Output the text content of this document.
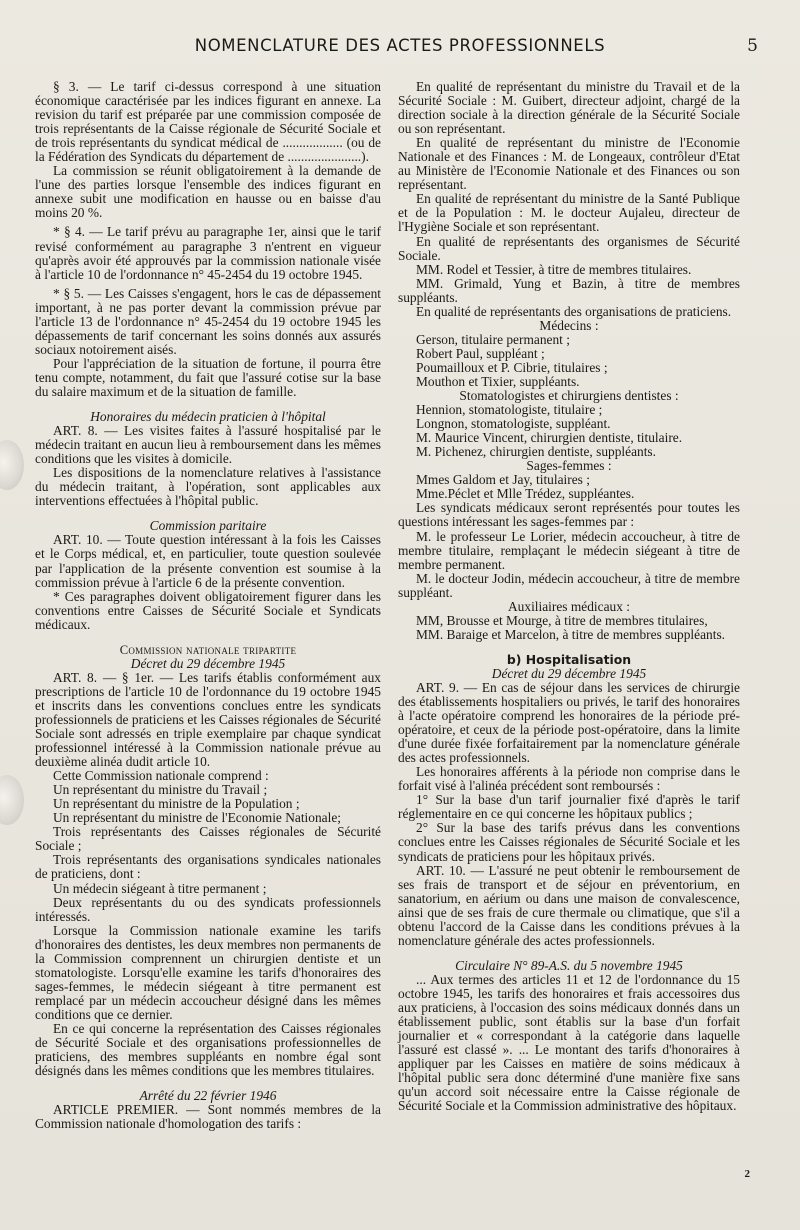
NOMENCLATURE DES ACTES PROFESSIONNELS	5

§ 3. — Le tarif ci-dessus correspond à une situation économique caractérisée par les indices figurant en annexe. La revision du tarif est préparée par une commission composée de trois représentants de la Caisse régionale de Sécurité Sociale et de trois représentants du syndicat médical de .................. (ou de la Fédération des Syndicats du département de ......................).

La commission se réunit obligatoirement à la demande de l'une des parties lorsque l'ensemble des indices figurant en annexe subit une modification en hausse ou en baisse d'au moins 20 %.

* § 4. — Le tarif prévu au paragraphe 1er, ainsi que le tarif revisé conformément au paragraphe 3 n'entrent en vigueur qu'après avoir été approuvés par la commission nationale visée à l'article 10 de l'ordonnance n° 45-2454 du 19 octobre 1945.

* § 5. — Les Caisses s'engagent, hors le cas de dépassement important, à ne pas porter devant la commission prévue par l'article 13 de l'ordonnance n° 45-2454 du 19 octobre 1945 les dépassements de tarif concernant les soins donnés aux assurés sociaux notoirement aisés.

Pour l'appréciation de la situation de fortune, il pourra être tenu compte, notamment, du fait que l'assuré cotise sur la base du salaire maximum et de la situation de famille.

Honoraires du médecin praticien à l'hôpital

ART. 8. — Les visites faites à l'assuré hospitalisé par le médecin traitant en aucun lieu à remboursement dans les mêmes conditions que les visites à domicile.

Les dispositions de la nomenclature relatives à l'assistance du médecin traitant, à l'opération, sont applicables aux interventions effectuées à l'hôpital public.

Commission paritaire

ART. 10. — Toute question intéressant à la fois les Caisses et le Corps médical, et, en particulier, toute question soulevée par l'application de la présente convention est soumise à la commission prévue à l'article 6 de la présente convention.

* Ces paragraphes doivent obligatoirement figurer dans les conventions entre Caisses de Sécurité Sociale et Syndicats médicaux.

Commission nationale tripartite

Décret du 29 décembre 1945

ART. 8. — § 1er. — Les tarifs établis conformément aux prescriptions de l'article 10 de l'ordonnance du 19 octobre 1945 et inscrits dans les conventions conclues entre les syndicats professionnels de praticiens et les Caisses régionales de Sécurité Sociale sont adressés en triple exemplaire par chaque syndicat professionnel intéressé à la Commission nationale prévue au deuxième alinéa dudit article 10.

Cette Commission nationale comprend :

Un représentant du ministre du Travail ;

Un représentant du ministre de la Population ;

Un représentant du ministre de l'Economie Nationale;

Trois représentants des Caisses régionales de Sécurité Sociale ;

Trois représentants des organisations syndicales nationales de praticiens, dont :

Un médecin siégeant à titre permanent ;

Deux représentants du ou des syndicats professionnels intéressés.

Lorsque la Commission nationale examine les tarifs d'honoraires des dentistes, les deux membres non permanents de la Commission comprennent un chirurgien dentiste et un stomatologiste. Lorsqu'elle examine les tarifs d'honoraires des sages-femmes, le médecin siégeant à titre permanent est remplacé par un médecin accoucheur désigné dans les mêmes conditions que ce dernier.

En ce qui concerne la représentation des Caisses régionales de Sécurité Sociale et des organisations professionnelles de praticiens, des membres suppléants en nombre égal sont désignés dans les mêmes conditions que les membres titulaires.

Arrêté du 22 février 1946

ARTICLE PREMIER. — Sont nommés membres de la Commission nationale d'homologation des tarifs :

En qualité de représentant du ministre du Travail et de la Sécurité Sociale : M. Guibert, directeur adjoint, chargé de la direction sociale à la direction générale de la Sécurité Sociale ou son représentant.

En qualité de représentant du ministre de l'Economie Nationale et des Finances : M. de Longeaux, contrôleur d'Etat au Ministère de l'Economie Nationale et des Finances ou son représentant.

En qualité de représentant du ministre de la Santé Publique et de la Population : M. le docteur Aujaleu, directeur de l'Hygiène Sociale et son représentant.

En qualité de représentants des organismes de Sécurité Sociale.

MM. Rodel et Tessier, à titre de membres titulaires.

MM. Grimald, Yung et Bazin, à titre de membres suppléants.

En qualité de représentants des organisations de praticiens.

Médecins :

Gerson, titulaire permanent ;

Robert Paul, suppléant ;

Poumailloux et P. Cibrie, titulaires ;

Mouthon et Tixier, suppléants.

Stomatologistes et chirurgiens dentistes :

Hennion, stomatologiste, titulaire ;

Longnon, stomatologiste, suppléant.

M. Maurice Vincent, chirurgien dentiste, titulaire.

M. Pichenez, chirurgien dentiste, suppléants.

Sages-femmes :

Mmes Galdom et Jay, titulaires ;

Mme.Péclet et Mlle Trédez, suppléantes.

Les syndicats médicaux seront représentés pour toutes les questions intéressant les sages-femmes par :

M. le professeur Le Lorier, médecin accoucheur, à titre de membre titulaire, remplaçant le médecin siégeant à titre de membre permanent.

M. le docteur Jodin, médecin accoucheur, à titre de membre suppléant.

Auxiliaires médicaux :

MM, Brousse et Mourge, à titre de membres titulaires,

MM. Baraige et Marcelon, à titre de membres suppléants.

b) Hospitalisation

Décret du 29 décembre 1945

ART. 9. — En cas de séjour dans les services de chirurgie des établissements hospitaliers ou privés, le tarif des honoraires à l'acte opératoire comprend les honoraires de la période pré-opératoire, et ceux de la période post-opératoire, dans la limite d'une durée fixée forfaitairement par la nomenclature générale des actes professionnels.

Les honoraires afférents à la période non comprise dans le forfait visé à l'alinéa précédent sont remboursés :

1° Sur la base d'un tarif journalier fixé d'après le tarif réglementaire en ce qui concerne les hôpitaux publics ;

2° Sur la base des tarifs prévus dans les conventions conclues entre les Caisses régionales de Sécurité Sociale et les syndicats de praticiens pour les hôpitaux privés.

ART. 10. — L'assuré ne peut obtenir le remboursement de ses frais de transport et de séjour en préventorium, en sanatorium, en aérium ou dans une maison de convalescence, ainsi que de ses frais de cure thermale ou climatique, que s'il a obtenu l'accord de la Caisse dans les conditions prévues à la nomenclature générale des actes professionnels.

Circulaire N° 89-A.S. du 5 novembre 1945

... Aux termes des articles 11 et 12 de l'ordonnance du 15 octobre 1945, les tarifs des honoraires et frais accessoires dus aux praticiens, à l'occasion des soins médicaux donnés dans un établissement public, sont établis sur la base d'un forfait journalier et « correspondant à la catégorie dans laquelle l'assuré est classé ». ... Le montant des tarifs d'honoraires à appliquer par les Caisses en matière de soins médicaux à l'hôpital public sera donc déterminé d'une manière fixe sans qu'un accord soit nécessaire entre la Caisse régionale de Sécurité Sociale et la Commission administrative des hôpitaux.

2
